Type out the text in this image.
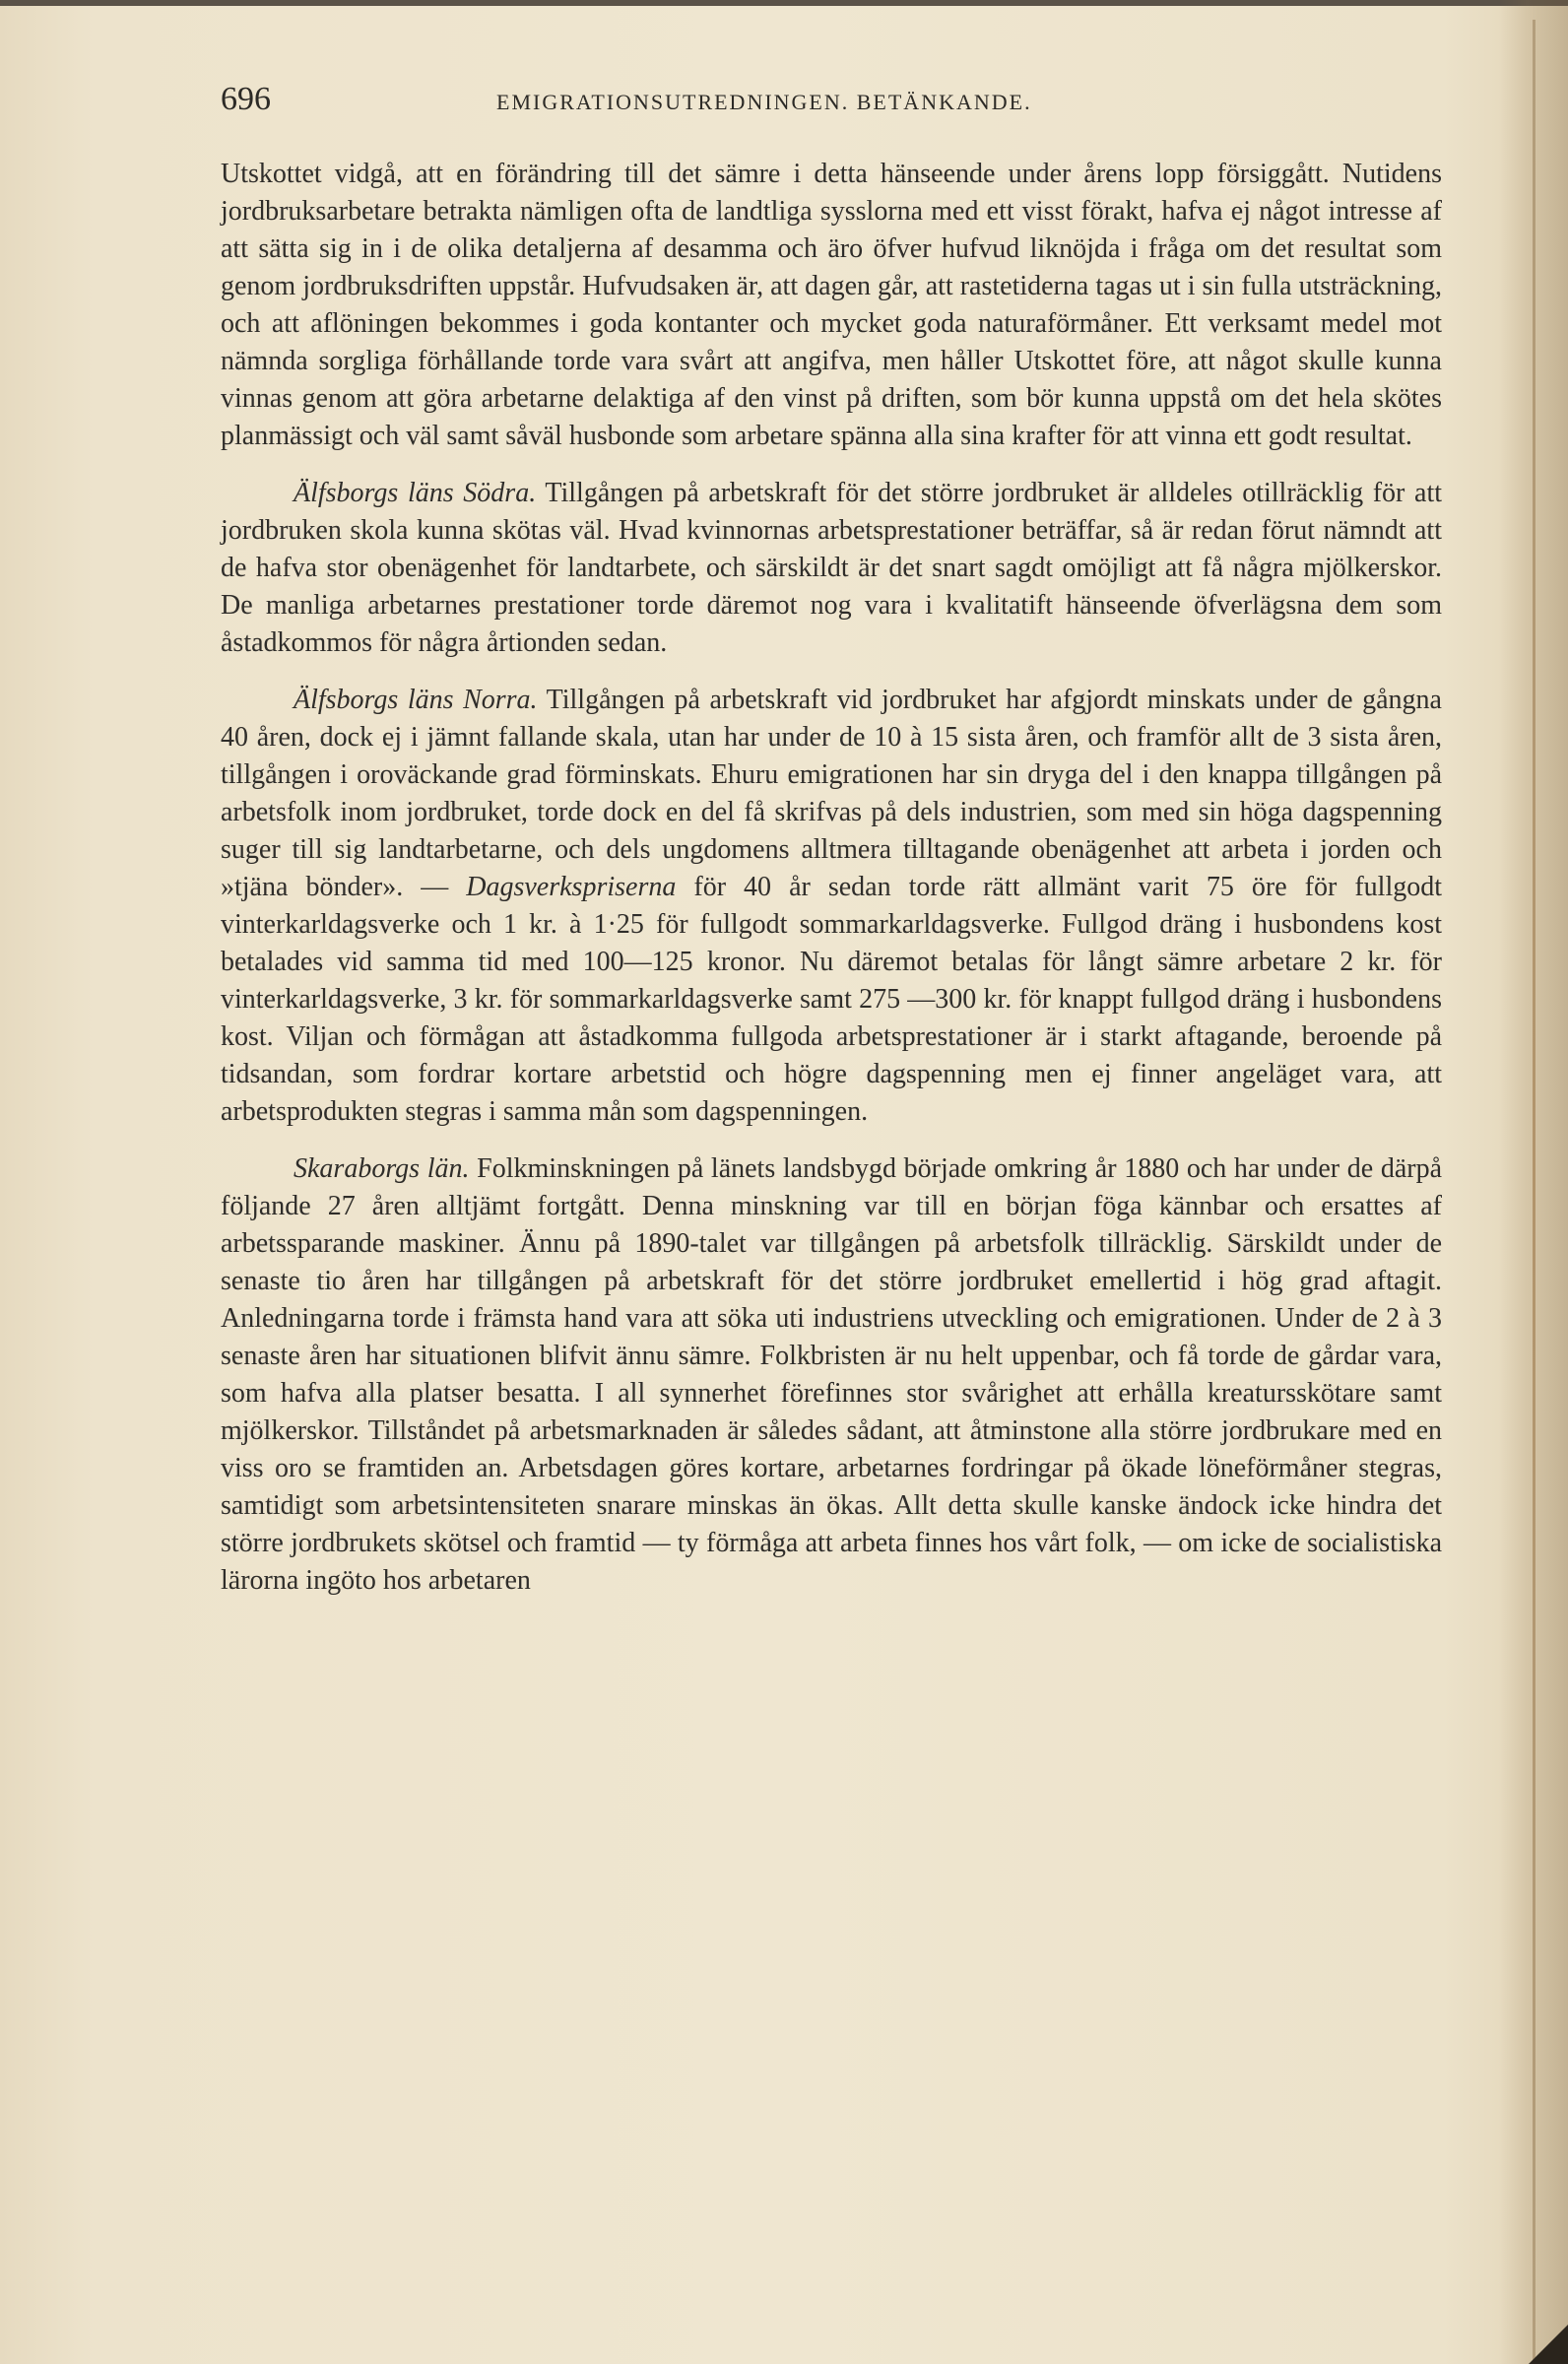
696	EMIGRATIONSUTREDNINGEN. BETÄNKANDE.

Utskottet vidgå, att en förändring till det sämre i detta hänseende under årens lopp försiggått. Nutidens jordbruksarbetare betrakta nämligen ofta de landtliga sysslorna med ett visst förakt, hafva ej något intresse af att sätta sig in i de olika detaljerna af desamma och äro öfver hufvud liknöjda i fråga om det resultat som genom jordbruksdriften uppstår. Hufvudsaken är, att dagen går, att rastetiderna tagas ut i sin fulla utsträckning, och att aflöningen bekommes i goda kontanter och mycket goda naturaförmåner. Ett verksamt medel mot nämnda sorgliga förhållande torde vara svårt att angifva, men håller Utskottet före, att något skulle kunna vinnas genom att göra arbetarne delaktiga af den vinst på driften, som bör kunna uppstå om det hela skötes planmässigt och väl samt såväl husbonde som arbetare spänna alla sina krafter för att vinna ett godt resultat.

Älfsborgs läns Södra. Tillgången på arbetskraft för det större jordbruket är alldeles otillräcklig för att jordbruken skola kunna skötas väl. Hvad kvinnornas arbetsprestationer beträffar, så är redan förut nämndt att de hafva stor obenägenhet för landtarbete, och särskildt är det snart sagdt omöjligt att få några mjölkerskor. De manliga arbetarnes prestationer torde däremot nog vara i kvalitatift hänseende öfverlägsna dem som åstadkommos för några årtionden sedan.

Älfsborgs läns Norra. Tillgången på arbetskraft vid jordbruket har afgjordt minskats under de gångna 40 åren, dock ej i jämnt fallande skala, utan har under de 10 à 15 sista åren, och framför allt de 3 sista åren, tillgången i oroväckande grad förminskats. Ehuru emigrationen har sin dryga del i den knappa tillgången på arbetsfolk inom jordbruket, torde dock en del få skrifvas på dels industrien, som med sin höga dagspenning suger till sig landtarbetarne, och dels ungdomens alltmera tilltagande obenägenhet att arbeta i jorden och »tjäna bönder». — Dagsverkspriserna för 40 år sedan torde rätt allmänt varit 75 öre för fullgodt vinterkarldagsverke och 1 kr. à 1·25 för fullgodt sommarkarldagsverke. Fullgod dräng i husbondens kost betalades vid samma tid med 100—125 kronor. Nu däremot betalas för långt sämre arbetare 2 kr. för vinterkarldagsverke, 3 kr. för sommarkarldagsverke samt 275 —300 kr. för knappt fullgod dräng i husbondens kost. Viljan och förmågan att åstadkomma fullgoda arbetsprestationer är i starkt aftagande, beroende på tidsandan, som fordrar kortare arbetstid och högre dagspenning men ej finner angeläget vara, att arbetsprodukten stegras i samma mån som dagspenningen.

Skaraborgs län. Folkminskningen på länets landsbygd började omkring år 1880 och har under de därpå följande 27 åren alltjämt fortgått. Denna minskning var till en början föga kännbar och ersattes af arbetssparande maskiner. Ännu på 1890-talet var tillgången på arbetsfolk tillräcklig. Särskildt under de senaste tio åren har tillgången på arbetskraft för det större jordbruket emellertid i hög grad aftagit. Anledningarna torde i främsta hand vara att söka uti industriens utveckling och emigrationen. Under de 2 à 3 senaste åren har situationen blifvit ännu sämre. Folkbristen är nu helt uppenbar, och få torde de gårdar vara, som hafva alla platser besatta. I all synnerhet förefinnes stor svårighet att erhålla kreatursskötare samt mjölkerskor. Tillståndet på arbetsmarknaden är således sådant, att åtminstone alla större jordbrukare med en viss oro se framtiden an. Arbetsdagen göres kortare, arbetarnes fordringar på ökade löneförmåner stegras, samtidigt som arbetsintensiteten snarare minskas än ökas. Allt detta skulle kanske ändock icke hindra det större jordbrukets skötsel och framtid — ty förmåga att arbeta finnes hos vårt folk, — om icke de socialistiska lärorna ingöto hos arbetaren
